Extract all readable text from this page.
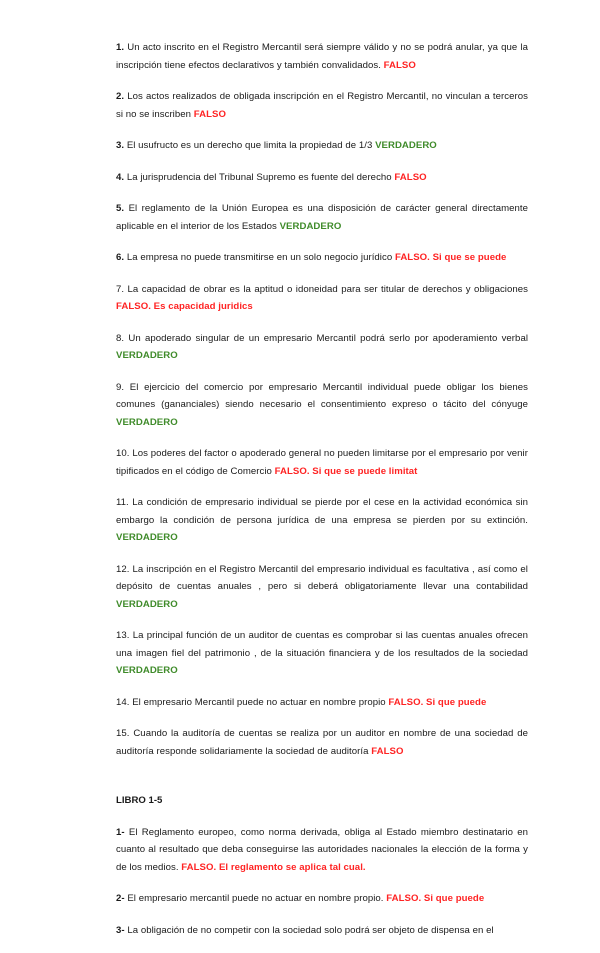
1. Un acto inscrito en el Registro Mercantil será siempre válido y no se podrá anular, ya que la inscripción tiene efectos declarativos y también convalidados. FALSO

2. Los actos realizados de obligada inscripción en el Registro Mercantil, no vinculan a terceros si no se inscriben FALSO

3. El usufructo es un derecho que limita la propiedad de 1/3 VERDADERO

4. La jurisprudencia del Tribunal Supremo es fuente del derecho FALSO

5. El reglamento de la Unión Europea es una disposición de carácter general directamente aplicable en el interior de los Estados VERDADERO

6. La empresa no puede transmitirse en un solo negocio jurídico FALSO. Si que se puede

7. La capacidad de obrar es la aptitud o idoneidad para ser titular de derechos y obligaciones FALSO. Es capacidad juridics

8. Un apoderado singular de un empresario Mercantil podrá serlo por apoderamiento verbal VERDADERO

9. El ejercicio del comercio por empresario Mercantil individual puede obligar los bienes comunes (gananciales) siendo necesario el consentimiento expreso o tácito del cónyuge VERDADERO

10. Los poderes del factor o apoderado general no pueden limitarse por el empresario por venir tipificados en el código de Comercio FALSO. Si que se puede limitat

11. La condición de empresario individual se pierde por el cese en la actividad económica sin embargo la condición de persona jurídica de una empresa se pierden por su extinción. VERDADERO

12. La inscripción en el Registro Mercantil del empresario individual es facultativa , así como el depósito de cuentas anuales , pero si deberá obligatoriamente llevar una contabilidad VERDADERO

13. La principal función de un auditor de cuentas es comprobar si las cuentas anuales ofrecen una imagen fiel del patrimonio , de la situación financiera y de los resultados de la sociedad VERDADERO

14. El empresario Mercantil puede no actuar en nombre propio FALSO. Si que puede

15. Cuando la auditoría de cuentas se realiza por un auditor en nombre de una sociedad de auditoría responde solidariamente la sociedad de auditoría FALSO

LIBRO 1-5

1- El Reglamento europeo, como norma derivada, obliga al Estado miembro destinatario en cuanto al resultado que deba conseguirse las autoridades nacionales la elección de la forma y de los medios. FALSO. El reglamento se aplica tal cual.

2- El empresario mercantil puede no actuar en nombre propio. FALSO. Si que puede

3- La obligación de no competir con la sociedad solo podrá ser objeto de dispensa en el
